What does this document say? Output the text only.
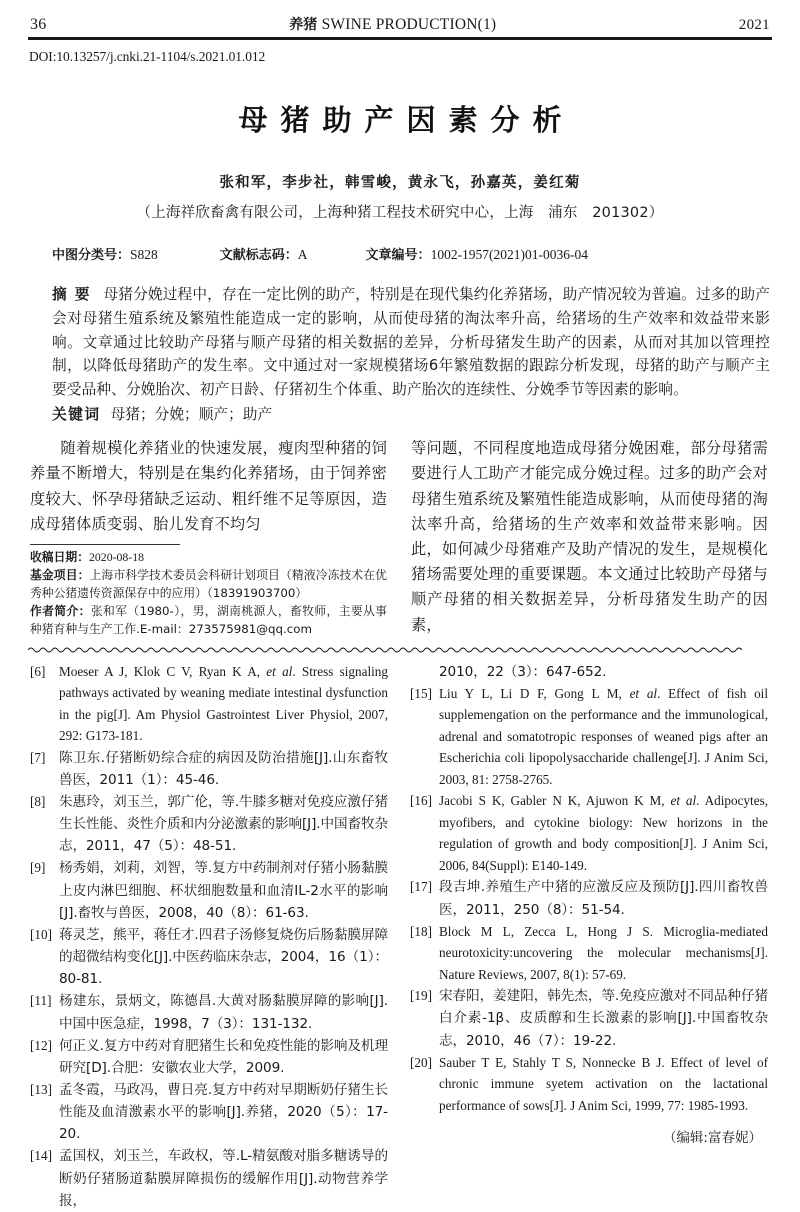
36	养猪 SWINE PRODUCTION(1)	2021
DOI:10.13257/j.cnki.21-1104/s.2021.01.012
母猪助产因素分析
张和军，李步社，韩雪峻，黄永飞，孙嘉英，姜红菊
（上海祥欣畜禽有限公司，上海种猪工程技术研究中心，上海　浦东　201302）
中图分类号：S828	文献标志码：A	文章编号：1002-1957(2021)01-0036-04
摘要 母猪分娩过程中，存在一定比例的助产，特别是在现代集约化养猪场，助产情况较为普遍。过多的助产会对母猪生殖系统及繁殖性能造成一定的影响，从而使母猪的淘汰率升高，给猪场的生产效率和效益带来影响。文章通过比较助产母猪与顺产母猪的相关数据的差异，分析母猪发生助产的因素，从而对其加以管理控制，以降低母猪助产的发生率。文中通过对一家规模猪场6年繁殖数据的跟踪分析发现，母猪的助产与顺产主要受品种、分娩胎次、初产日龄、仔猪初生个体重、助产胎次的连续性、分娩季节等因素的影响。
关键词 母猪；分娩；顺产；助产
随着规模化养猪业的快速发展，瘦肉型种猪的饲养量不断增大，特别是在集约化养猪场，由于饲养密度较大、怀孕母猪缺乏运动、粗纤维不足等原因，造成母猪体质变弱、胎儿发育不均匀
收稿日期：2020-08-18
基金项目：上海市科学技术委员会科研计划项目（精液冷冻技术在优秀种公猪遗传资源保存中的应用）（18391903700）
作者简介：张和军（1980-），男，湖南桃源人，畜牧师，主要从事种猪育种与生产工作.E-mail：273575981@qq.com
等问题，不同程度地造成母猪分娩困难，部分母猪需要进行人工助产才能完成分娩过程。过多的助产会对母猪生殖系统及繁殖性能造成影响，从而使母猪的淘汰率升高，给猪场的生产效率和效益带来影响。因此，如何减少母猪难产及助产情况的发生，是规模化猪场需要处理的重要课题。本文通过比较助产母猪与顺产母猪的相关数据差异，分析母猪发生助产的因素，
[6]	Moeser A J, Klok C V, Ryan K A, et al. Stress signaling pathways activated by weaning mediate intestinal dysfunction in the pig[J]. Am Physiol Gastrointest Liver Physiol, 2007, 292: G173-181.
[7]	陈卫东.仔猪断奶综合症的病因及防治措施[J].山东畜牧兽医，2011（1）：45-46.
[8]	朱惠玲，刘玉兰，郭广伦，等.牛膝多糖对免疫应激仔猪生长性能、炎性介质和内分泌激素的影响[J].中国畜牧杂志，2011，47（5）：48-51.
[9]	杨秀娟，刘莉，刘智，等.复方中药制剂对仔猪小肠黏膜上皮内淋巴细胞、杯状细胞数量和血清IL-2水平的影响[J].畜牧与兽医，2008，40（8）：61-63.
[10] 蒋灵芝，熊平，蒋任才.四君子汤修复烧伤后肠黏膜屏障的超微结构变化[J].中医药临床杂志，2004，16（1）：80-81.
[11] 杨建东，景炳文，陈德昌.大黄对肠黏膜屏障的影响[J].中国中医急症，1998，7（3）：131-132.
[12] 何正义.复方中药对育肥猪生长和免疫性能的影响及机理研究[D].合肥：安徽农业大学，2009.
[13] 孟冬霞，马政冯，曹日亮.复方中药对早期断奶仔猪生长性能及血清激素水平的影响[J].养猪，2020（5）：17-20.
[14] 孟国权，刘玉兰，车政权，等.L-精氨酸对脂多糖诱导的断奶仔猪肠道黏膜屏障损伤的缓解作用[J].动物营养学报，
2010，22（3）：647-652.
[15] Liu Y L, Li D F, Gong L M, et al. Effect of fish oil supplemengation on the performance and the immunological, adrenal and somatotropic responses of weaned pigs after an Escherichia coli lipopolysaccharide challenge[J]. J Anim Sci, 2003, 81: 2758-2765.
[16] Jacobi S K, Gabler N K, Ajuwon K M, et al. Adipocytes, myofibers, and cytokine biology: New horizons in the regulation of growth and body composition[J]. J Anim Sci, 2006, 84(Suppl): E140-149.
[17] 段吉坤.养殖生产中猪的应激反应及预防[J].四川畜牧兽医，2011，250（8）：51-54.
[18] Block M L, Zecca L, Hong J S. Microglia-mediated neurotoxicity:uncovering the molecular mechanisms[J]. Nature Reviews, 2007, 8(1): 57-69.
[19] 宋春阳，姜建阳，韩先杰，等.免疫应激对不同品种仔猪白介素-1β、皮质醇和生长激素的影响[J].中国畜牧杂志，2010，46（7）：19-22.
[20] Sauber T E, Stahly T S, Nonnecke B J. Effect of level of chronic immune syetem activation on the lactational performance of sows[J]. J Anim Sci, 1999, 77: 1985-1993.
（编辑:富春妮）
